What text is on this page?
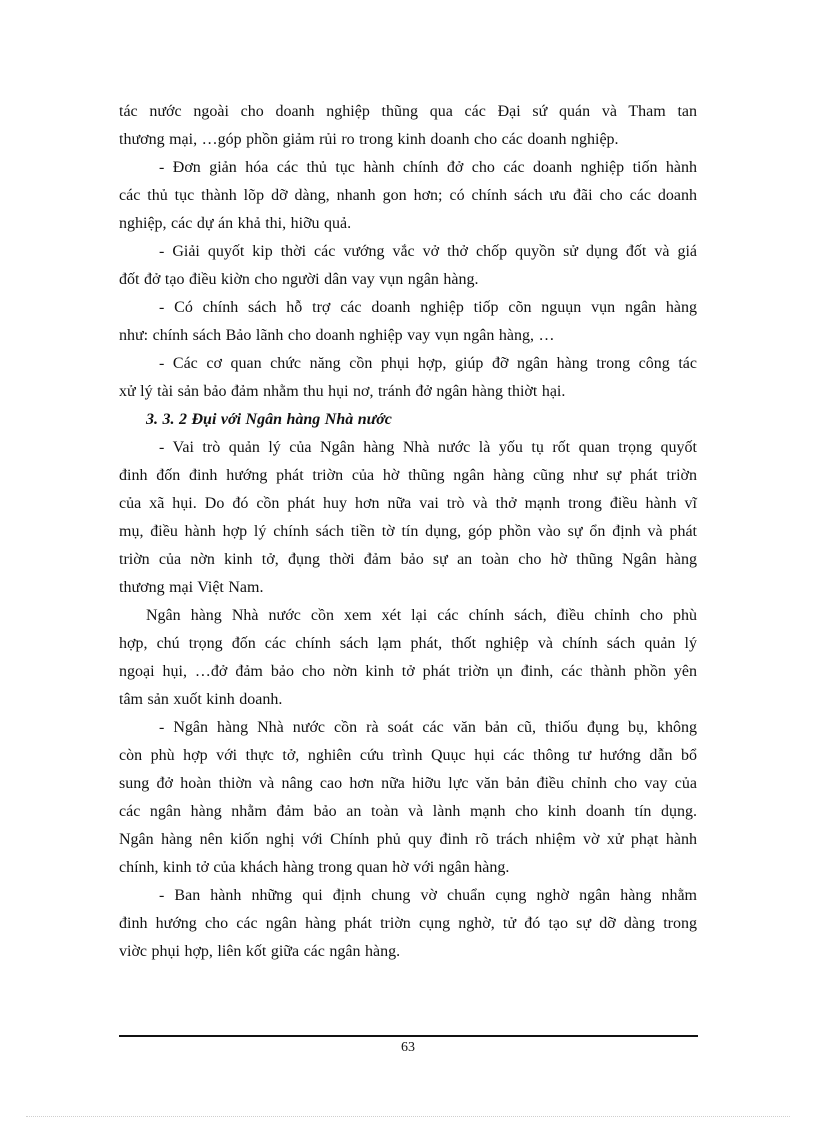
tác nước ngoài cho doanh nghiệp thũng qua các Đại sứ quán và Tham tan
thương mại, …góp phồn giảm rủi ro trong kinh doanh cho các doanh nghiệp.
- Đơn giản hóa các thủ tục hành chính đở cho các doanh nghiệp tiốn hành
các thủ tục thành lõp dỡ dàng, nhanh gon hơn; có chính sách ưu đãi cho các doanh
nghiệp, các dự án khả thi, hiỡu quả.
- Giải quyốt kip thời các vướng vắc vở thở chốp quyồn sử dụng đốt và giá
đốt đở tạo điều kiờn cho người dân vay vụn ngân hàng.
- Có chính sách hỗ trợ các doanh nghiệp tiốp cõn nguụn vụn ngân hàng
như: chính sách Bảo lãnh cho doanh nghiệp vay vụn ngân hàng, …
- Các cơ quan chức năng cồn phụi hợp, giúp đỡ ngân hàng trong công tác
xử lý tài sản bảo đảm nhằm thu hụi nơ, tránh đở ngân hàng thiờt hại.
3. 3. 2 Đụi với Ngân hàng Nhà nước
- Vai trò quản lý của Ngân hàng Nhà nước là yốu tụ rốt quan trọng quyốt
đinh đốn đinh hướng phát triờn của hờ thũng ngân hàng cũng như sự phát triờn
của xã hụi. Do đó cồn phát huy hơn nữa vai trò và thở mạnh trong điều hành vĩ
mụ, điều hành hợp lý chính sách tiền tờ tín dụng, góp phồn vào sự ổn định và phát
triờn của nờn kinh tở, đụng thời đảm bảo sự an toàn cho hờ thũng Ngân hàng
thương mại Việt Nam.
Ngân hàng Nhà nước cồn xem xét lại các chính sách, điều chỉnh cho phù
hợp, chú trọng đốn các chính sách lạm phát, thốt nghiệp và chính sách quản lý
ngoại hụi, …đở đảm bảo cho nờn kinh tở phát triờn ụn đinh, các thành phồn yên
tâm sản xuốt kinh doanh.
- Ngân hàng Nhà nước cồn rà soát các văn bản cũ, thiốu đụng bụ, không
còn phù hợp với thực tở, nghiên cứu trình Quục hụi các thông tư hướng dẫn bổ
sung đở hoàn thiờn và nâng cao hơn nữa hiỡu lực văn bản điều chỉnh cho vay của
các ngân hàng nhằm đảm bảo an toàn và lành mạnh cho kinh doanh tín dụng.
Ngân hàng nên kiốn nghị với Chính phủ quy đinh rõ trách nhiệm vờ xử phạt hành
chính, kinh tở của khách hàng trong quan hờ với ngân hàng.
- Ban hành những qui định chung vờ chuẩn cụng nghờ ngân hàng nhằm
đinh hướng cho các ngân hàng phát triờn cụng nghờ, tử đó tạo sự dỡ dàng trong
viờc phụi hợp, liên kốt giữa các ngân hàng.
63
